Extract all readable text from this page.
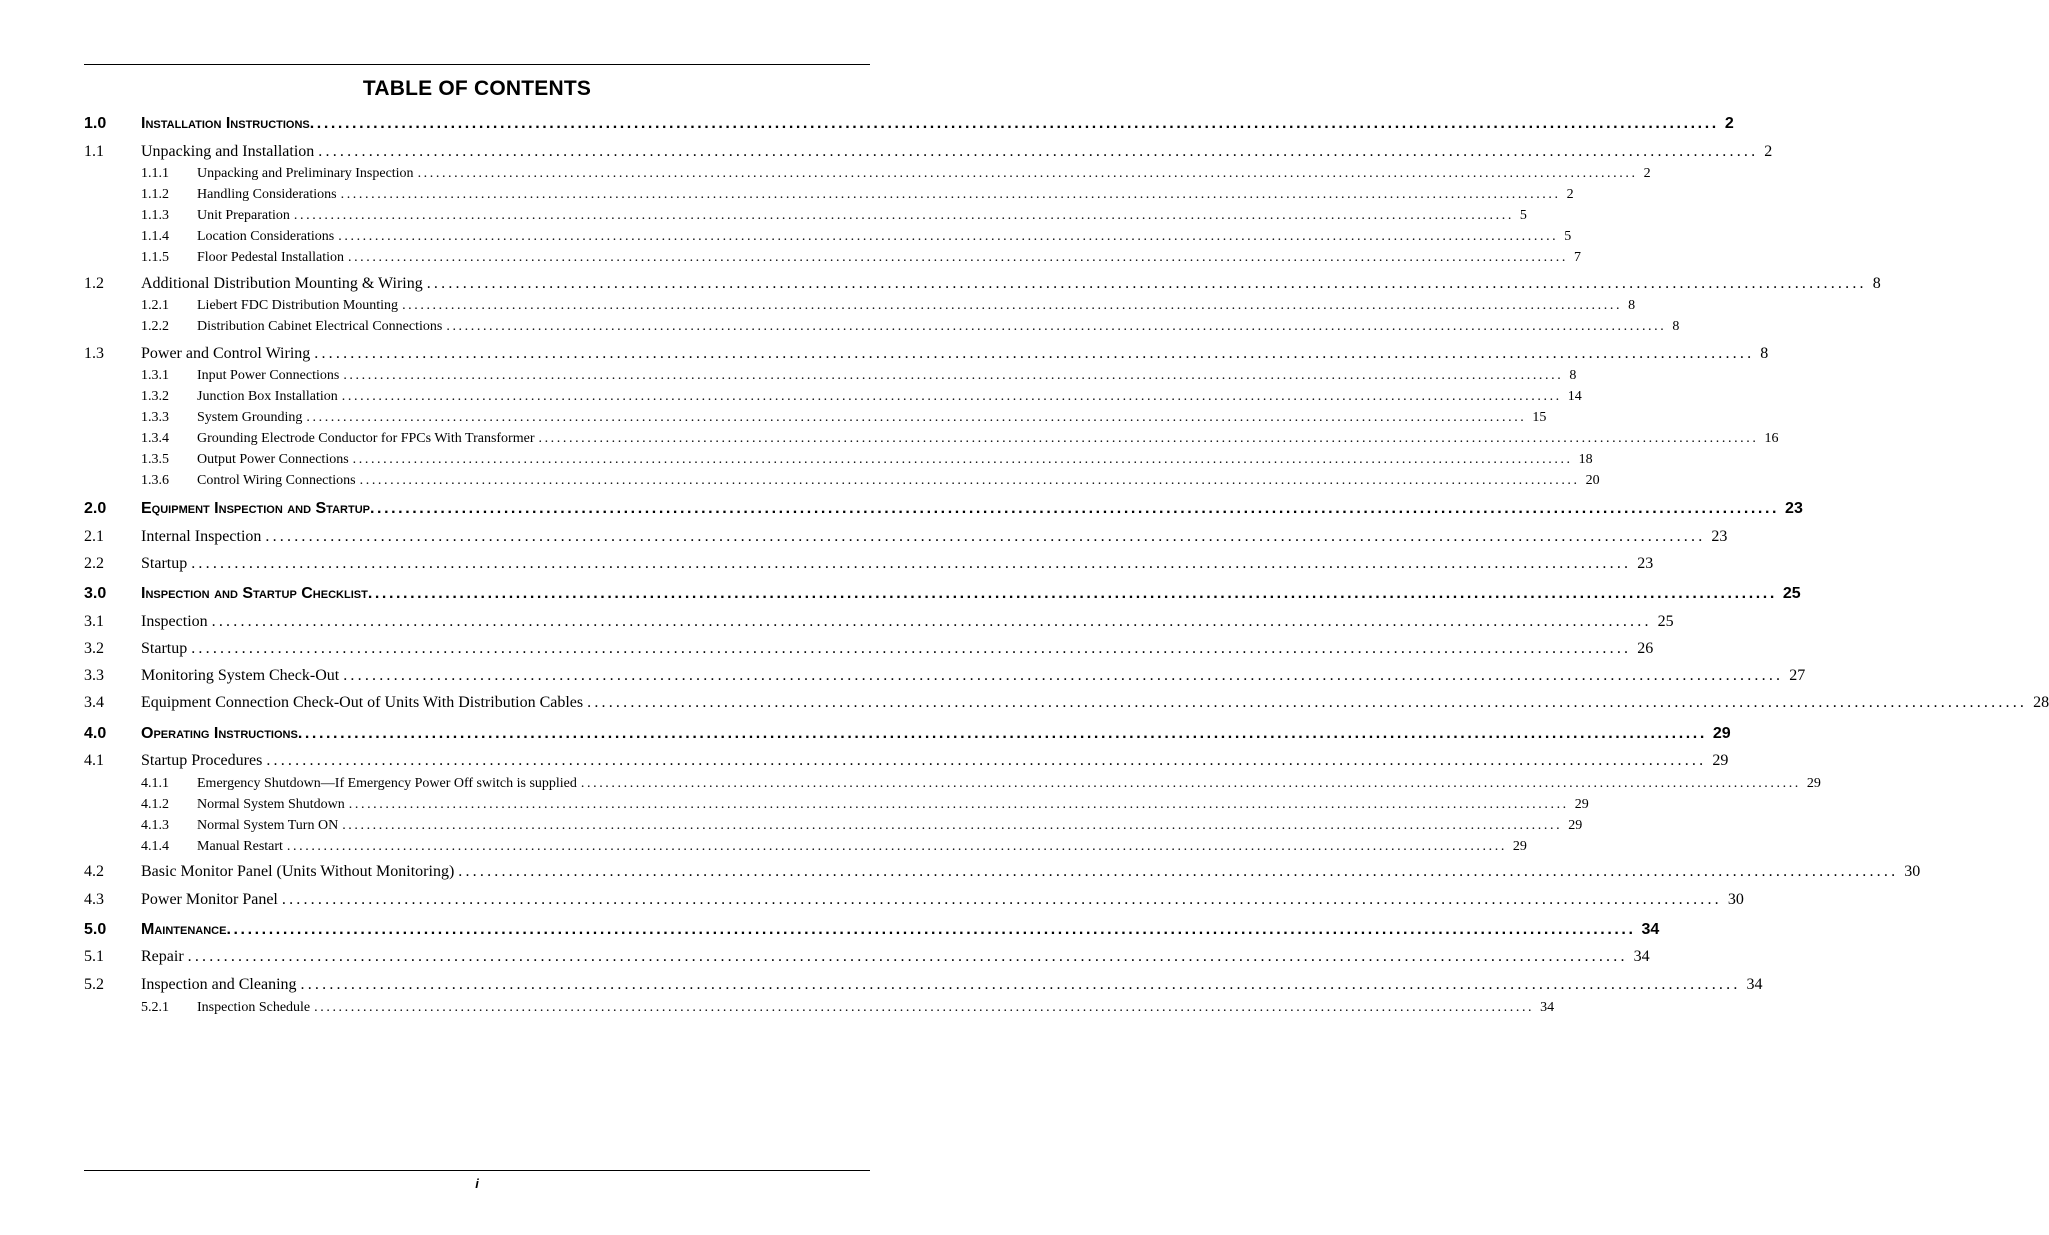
TABLE OF CONTENTS
1.0	Installation Instructions ........................................................................................................................................................................................................ 2
1.1	Unpacking and Installation ........................................................................................................................................................................................................ 2
1.1.1	Unpacking and Preliminary Inspection ........................................................................................................................................................................................................ 2
1.1.2	Handling Considerations ........................................................................................................................................................................................................ 2
1.1.3	Unit Preparation ........................................................................................................................................................................................................ 5
1.1.4	Location Considerations ........................................................................................................................................................................................................ 5
1.1.5	Floor Pedestal Installation ........................................................................................................................................................................................................ 7
1.2	Additional Distribution Mounting & Wiring ........................................................................................................................................................................................................ 8
1.2.1	Liebert FDC Distribution Mounting ........................................................................................................................................................................................................ 8
1.2.2	Distribution Cabinet Electrical Connections ........................................................................................................................................................................................................ 8
1.3	Power and Control Wiring ........................................................................................................................................................................................................ 8
1.3.1	Input Power Connections ........................................................................................................................................................................................................ 8
1.3.2	Junction Box Installation ........................................................................................................................................................................................................ 14
1.3.3	System Grounding ........................................................................................................................................................................................................ 15
1.3.4	Grounding Electrode Conductor for FPCs With Transformer ........................................................................................................................................................................................................ 16
1.3.5	Output Power Connections ........................................................................................................................................................................................................ 18
1.3.6	Control Wiring Connections ........................................................................................................................................................................................................ 20
2.0	Equipment Inspection and Startup ........................................................................................................................................................................................................ 23
2.1	Internal Inspection ........................................................................................................................................................................................................ 23
2.2	Startup ........................................................................................................................................................................................................ 23
3.0	Inspection and Startup Checklist ........................................................................................................................................................................................................ 25
3.1	Inspection ........................................................................................................................................................................................................ 25
3.2	Startup ........................................................................................................................................................................................................ 26
3.3	Monitoring System Check-Out ........................................................................................................................................................................................................ 27
3.4	Equipment Connection Check-Out of Units With Distribution Cables ........................................................................................................................................................................................................ 28
4.0	Operating Instructions ........................................................................................................................................................................................................ 29
4.1	Startup Procedures ........................................................................................................................................................................................................ 29
4.1.1	Emergency Shutdown—If Emergency Power Off switch is supplied ........................................................................................................................................................................................................ 29
4.1.2	Normal System Shutdown ........................................................................................................................................................................................................ 29
4.1.3	Normal System Turn ON ........................................................................................................................................................................................................ 29
4.1.4	Manual Restart ........................................................................................................................................................................................................ 29
4.2	Basic Monitor Panel (Units Without Monitoring) ........................................................................................................................................................................................................ 30
4.3	Power Monitor Panel ........................................................................................................................................................................................................ 30
5.0	Maintenance ........................................................................................................................................................................................................ 34
5.1	Repair ........................................................................................................................................................................................................ 34
5.2	Inspection and Cleaning ........................................................................................................................................................................................................ 34
5.2.1	Inspection Schedule ........................................................................................................................................................................................................ 34
i
